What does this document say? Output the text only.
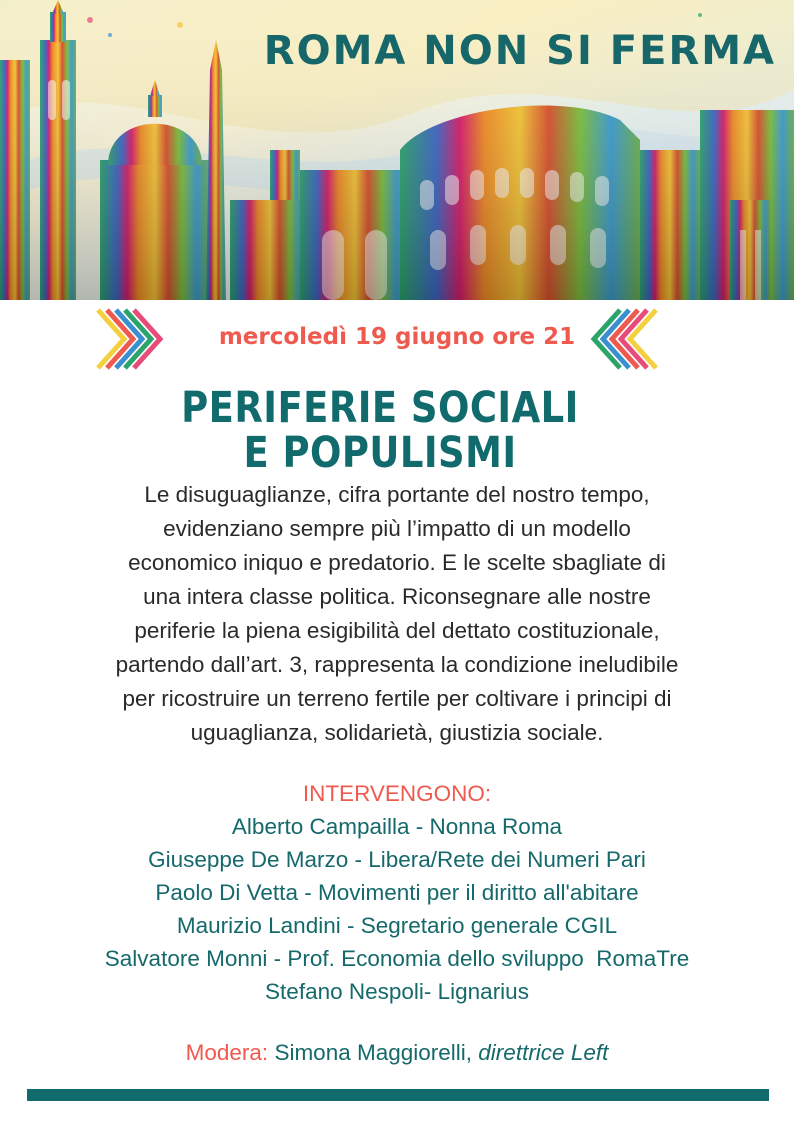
ROMA NON SI FERMA
mercoledì 19 giugno ore 21
PERIFERIE SOCIALI
E POPULISMI
Le disuguaglianze, cifra portante del nostro tempo,
evidenziano sempre più l’impatto di un modello
economico iniquo e predatorio. E le scelte sbagliate di
una intera classe politica. Riconsegnare alle nostre
periferie la piena esigibilità del dettato costituzionale,
partendo dall’art. 3, rappresenta la condizione ineludibile
per ricostruire un terreno fertile per coltivare i principi di
uguaglianza, solidarietà, giustizia sociale.
INTERVENGONO:
Alberto Campailla - Nonna Roma
Giuseppe De Marzo - Libera/Rete dei Numeri Pari
Paolo Di Vetta - Movimenti per il diritto all'abitare
Maurizio Landini - Segretario generale CGIL
Salvatore Monni - Prof. Economia dello sviluppo  RomaTre
Stefano Nespoli- Lignarius
Modera: Simona Maggiorelli, direttrice Left
